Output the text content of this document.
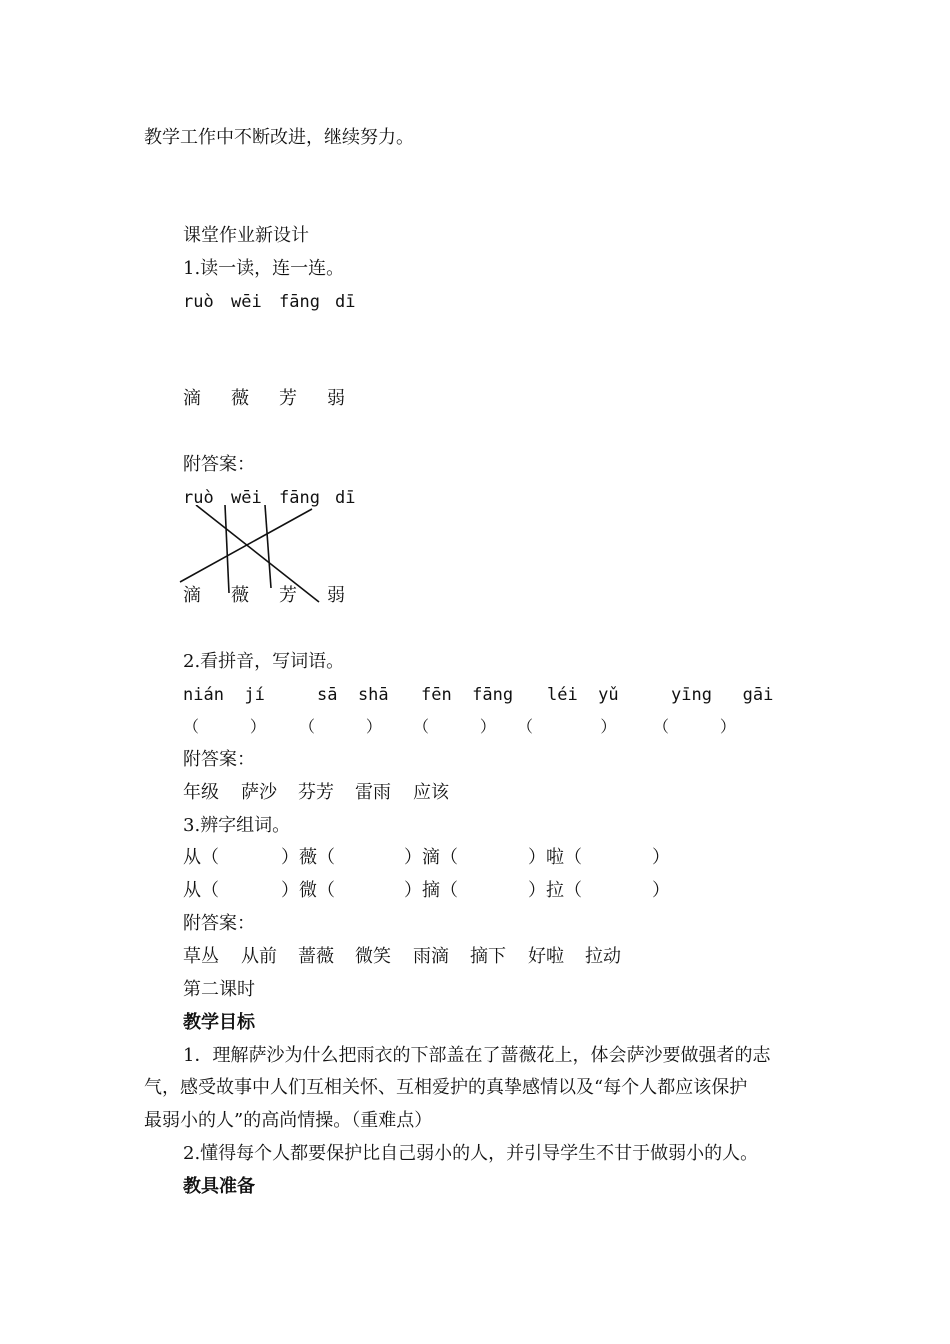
教学工作中不断改进，继续努力。
课堂作业新设计
1.读一读，连一连。
ruò wēi fāng dī
滴 薇 芳 弱
附答案：
ruò wēi fāng dī
滴 薇 芳 弱
2.看拼音，写词语。
nián  jí	sā  shā fēn  fāng léi  yǔ	yīng   gāi
（          ） （          ） （          ） （          ） （          ）
附答案：
年级 萨沙 芬芳 雷雨 应该
3.辨字组词。
从（	）薇（	）滴（	）啦（	）
从（	）微（	）摘（	）拉（	）
附答案：
草丛 从前 蔷薇 微笑 雨滴 摘下 好啦 拉动
第二课时
教学目标
1．理解萨沙为什么把雨衣的下部盖在了蔷薇花上，体会萨沙要做强者的志
气，感受故事中人们互相关怀、互相爱护的真挚感情以及“每个人都应该保护
最弱小的人”的高尚情操。（重难点）
2.懂得每个人都要保护比自己弱小的人，并引导学生不甘于做弱小的人。
教具准备
